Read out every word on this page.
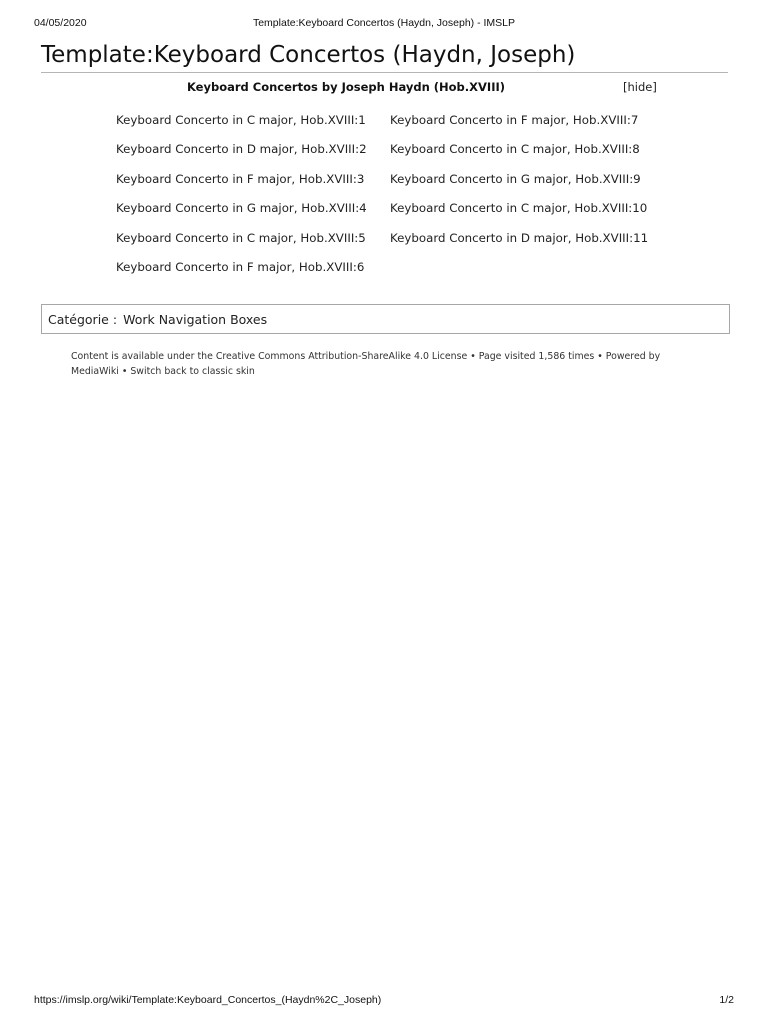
04/05/2020	Template:Keyboard Concertos (Haydn, Joseph) - IMSLP
Template:Keyboard Concertos (Haydn, Joseph)
Keyboard Concertos by Joseph Haydn (Hob.XVIII)	[hide]
Keyboard Concerto in C major, Hob.XVIII:1
Keyboard Concerto in D major, Hob.XVIII:2
Keyboard Concerto in F major, Hob.XVIII:3
Keyboard Concerto in G major, Hob.XVIII:4
Keyboard Concerto in C major, Hob.XVIII:5
Keyboard Concerto in F major, Hob.XVIII:6
Keyboard Concerto in F major, Hob.XVIII:7
Keyboard Concerto in C major, Hob.XVIII:8
Keyboard Concerto in G major, Hob.XVIII:9
Keyboard Concerto in C major, Hob.XVIII:10
Keyboard Concerto in D major, Hob.XVIII:11
Catégorie : Work Navigation Boxes
Content is available under the Creative Commons Attribution-ShareAlike 4.0 License • Page visited 1,586 times • Powered by MediaWiki • Switch back to classic skin
https://imslp.org/wiki/Template:Keyboard_Concertos_(Haydn%2C_Joseph)	1/2
